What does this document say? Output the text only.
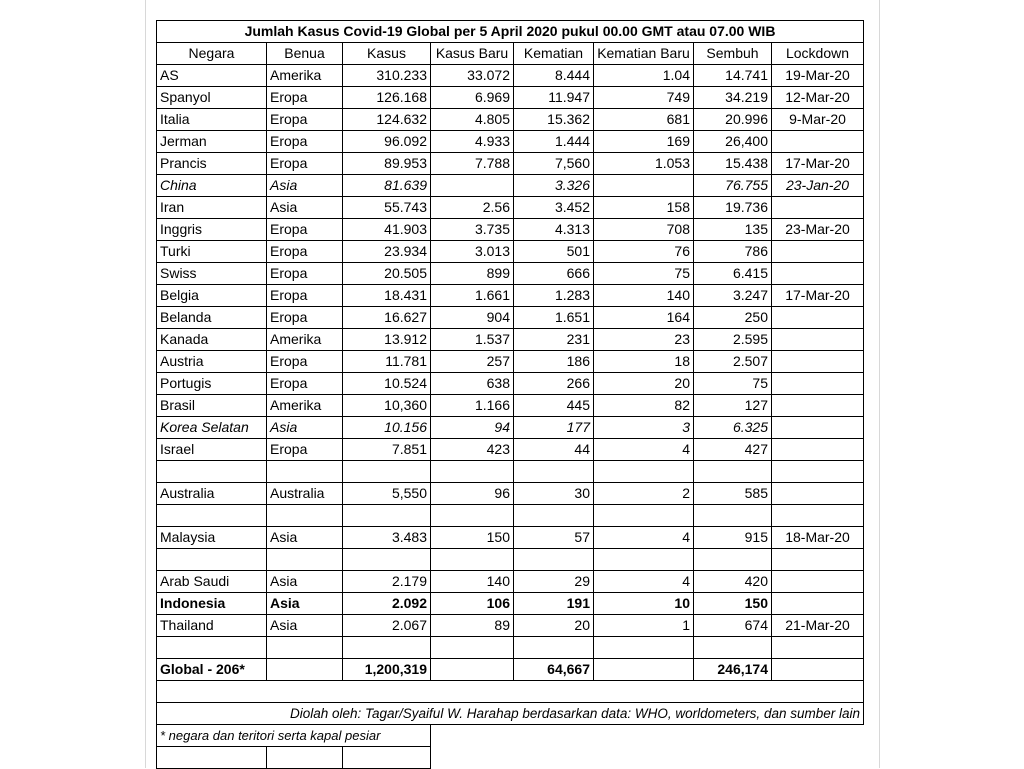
Jumlah Kasus Covid-19 Global per 5 April 2020 pukul 00.00 GMT atau 07.00 WIB							
Negara	Benua	Kasus	Kasus Baru	Kematian	Kematian Baru	Sembuh	Lockdown
AS	Amerika	310.233	33.072	8.444	1.04	14.741	19-Mar-20
Spanyol	Eropa	126.168	6.969	11.947	749	34.219	12-Mar-20
Italia	Eropa	124.632	4.805	15.362	681	20.996	9-Mar-20
Jerman	Eropa	96.092	4.933	1.444	169	26,400	
Prancis	Eropa	89.953	7.788	7,560	1.053	15.438	17-Mar-20
China	Asia	81.639		3.326		76.755	23-Jan-20
Iran	Asia	55.743	2.56	3.452	158	19.736	
Inggris	Eropa	41.903	3.735	4.313	708	135	23-Mar-20
Turki	Eropa	23.934	3.013	501	76	786	
Swiss	Eropa	20.505	899	666	75	6.415	
Belgia	Eropa	18.431	1.661	1.283	140	3.247	17-Mar-20
Belanda	Eropa	16.627	904	1.651	164	250	
Kanada	Amerika	13.912	1.537	231	23	2.595	
Austria	Eropa	11.781	257	186	18	2.507	
Portugis	Eropa	10.524	638	266	20	75	
Brasil	Amerika	10,360	1.166	445	82	127	
Korea Selatan	Asia	10.156	94	177	3	6.325	
Israel	Eropa	7.851	423	44	4	427	

Australia	Australia	5,550	96	30	2	585	

Malaysia	Asia	3.483	150	57	4	915	18-Mar-20

Arab Saudi	Asia	2.179	140	29	4	420	
Indonesia	Asia	2.092	106	191	10	150	
Thailand	Asia	2.067	89	20	1	674	21-Mar-20

Global - 206*		1,200,319		64,667		246,174	

Diolah oleh: Tagar/Syaiful W. Harahap berdasarkan data: WHO, worldometers, dan sumber lain							
* negara dan teritori serta kapal pesiar							
